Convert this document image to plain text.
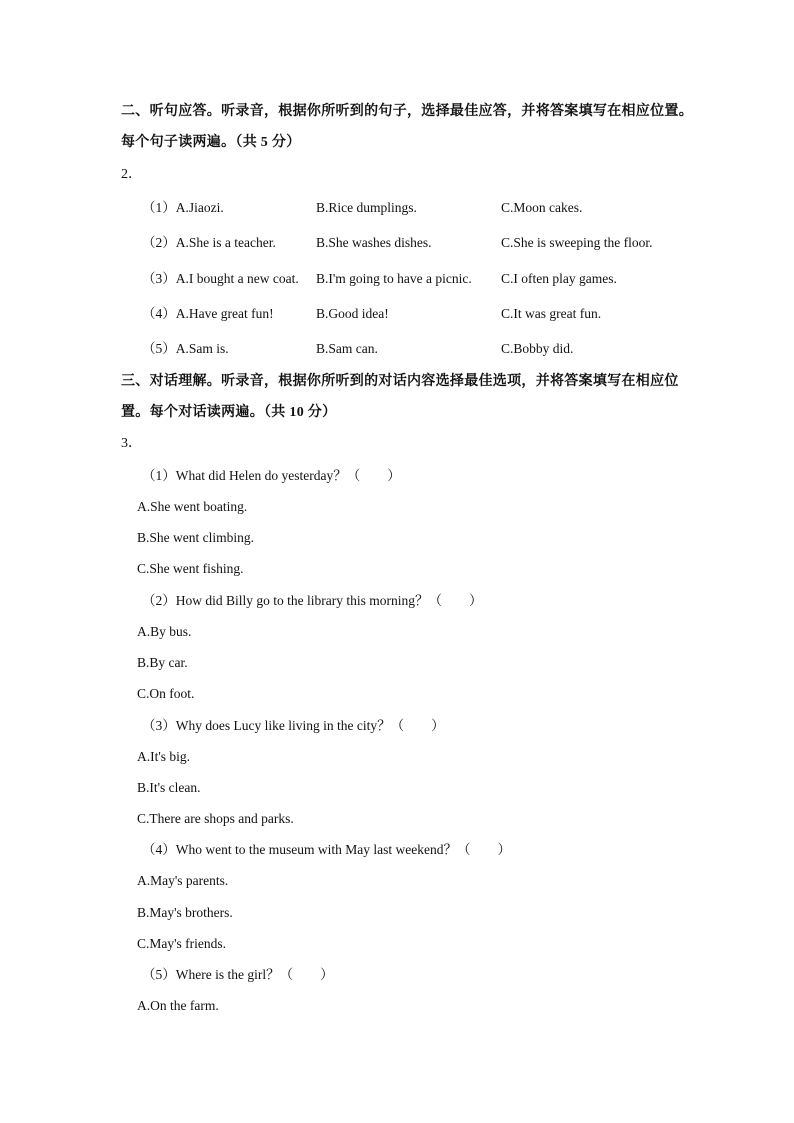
二、听句应答。听录音，根据你所听到的句子，选择最佳应答，并将答案填写在相应位置。
每个句子读两遍。（共 5 分）
2．
（1）A.Jiaozi.	B.Rice dumplings.	C.Moon cakes.
（2）A.She is a teacher.	B.She washes dishes.	C.She is sweeping the floor.
（3）A.I bought a new coat. B.I'm going to have a picnic. C.I often play games.
（4）A.Have great fun!	B.Good idea!	C.It was great fun.
（5）A.Sam is.	B.Sam can.	C.Bobby did.
三、对话理解。听录音，根据你所听到的对话内容选择最佳选项，并将答案填写在相应位
置。每个对话读两遍。（共 10 分）
3．
（1）What did Helen do yesterday？（　　）
A.She went boating.
B.She went climbing.
C.She went fishing.
（2）How did Billy go to the library this morning？（　　）
A.By bus.
B.By car.
C.On foot.
（3）Why does Lucy like living in the city？（　　）
A.It's big.
B.It's clean.
C.There are shops and parks.
（4）Who went to the museum with May last weekend？（　　）
A.May's parents.
B.May's brothers.
C.May's friends.
（5）Where is the girl？（　　）
A.On the farm.
